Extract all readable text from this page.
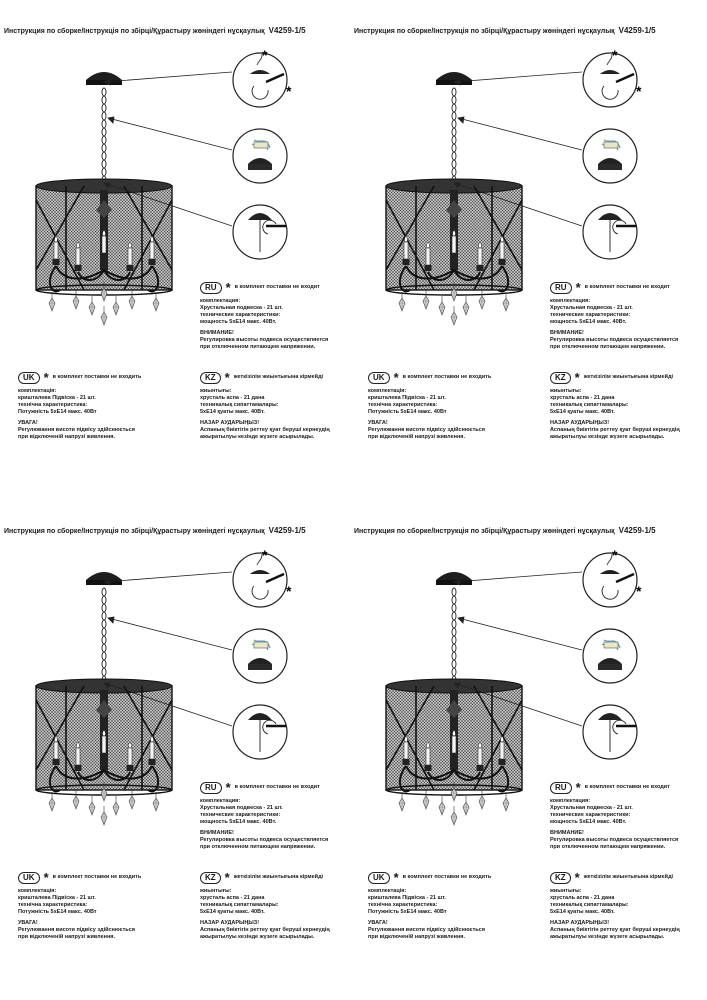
Инструкция по сборке/Інструкція по збірці/Құрастыру жөніндегі нұсқаулық V4259-1/5
*
*
RU * в комплект поставки не входит

комплектация:

Хрустальная подвеска - 21 шт.

технические характеристики:

мощность 5xE14 макс. 40Вт.

ВНИМАНИЕ!

Регулировка высоты подвеса осуществляется

при отключенном питающем напряжении.

UK * в комплект поставки не входить

комплектація:

кришталева Підвіска - 21 шт.

технічна характеристика:

Потужність 5xE14 макс. 40Вт

УВАГА!

Регулювання висоти підвісу здійснюється

при відключеній напрузі живлення.

KZ * жеткізілім жиынтығына кірмейді

жиынтығы:

хрусталь аспа - 21 дана

техникалық сипаттамалары:

5xE14 қуаты макс. 40Вт.

НАЗАР АУДАРЫҢЫЗ!

Аспаның биіктігін реттеу қуат беруші кернеудің

ажыратылуы кезінде жүзеге асырылады.

Инструкция по сборке/Інструкція по збірці/Құрастыру жөніндегі нұсқаулық V4259-1/5
*
*
RU * в комплект поставки не входит

комплектация:

Хрустальная подвеска - 21 шт.

технические характеристики:

мощность 5xE14 макс. 40Вт.

ВНИМАНИЕ!

Регулировка высоты подвеса осуществляется

при отключенном питающем напряжении.

UK * в комплект поставки не входить

комплектація:

кришталева Підвіска - 21 шт.

технічна характеристика:

Потужність 5xE14 макс. 40Вт

УВАГА!

Регулювання висоти підвісу здійснюється

при відключеній напрузі живлення.

KZ * жеткізілім жиынтығына кірмейді

жиынтығы:

хрусталь аспа - 21 дана

техникалық сипаттамалары:

5xE14 қуаты макс. 40Вт.

НАЗАР АУДАРЫҢЫЗ!

Аспаның биіктігін реттеу қуат беруші кернеудің

ажыратылуы кезінде жүзеге асырылады.

Инструкция по сборке/Інструкція по збірці/Құрастыру жөніндегі нұсқаулық V4259-1/5
*
*
RU * в комплект поставки не входит

комплектация:

Хрустальная подвеска - 21 шт.

технические характеристики:

мощность 5xE14 макс. 40Вт.

ВНИМАНИЕ!

Регулировка высоты подвеса осуществляется

при отключенном питающем напряжении.

UK * в комплект поставки не входить

комплектація:

кришталева Підвіска - 21 шт.

технічна характеристика:

Потужність 5xE14 макс. 40Вт

УВАГА!

Регулювання висоти підвісу здійснюється

при відключеній напрузі живлення.

KZ * жеткізілім жиынтығына кірмейді

жиынтығы:

хрусталь аспа - 21 дана

техникалық сипаттамалары:

5xE14 қуаты макс. 40Вт.

НАЗАР АУДАРЫҢЫЗ!

Аспаның биіктігін реттеу қуат беруші кернеудің

ажыратылуы кезінде жүзеге асырылады.

Инструкция по сборке/Інструкція по збірці/Құрастыру жөніндегі нұсқаулық V4259-1/5
*
*
RU * в комплект поставки не входит

комплектация:

Хрустальная подвеска - 21 шт.

технические характеристики:

мощность 5xE14 макс. 40Вт.

ВНИМАНИЕ!

Регулировка высоты подвеса осуществляется

при отключенном питающем напряжении.

UK * в комплект поставки не входить

комплектація:

кришталева Підвіска - 21 шт.

технічна характеристика:

Потужність 5xE14 макс. 40Вт

УВАГА!

Регулювання висоти підвісу здійснюється

при відключеній напрузі живлення.

KZ * жеткізілім жиынтығына кірмейді

жиынтығы:

хрусталь аспа - 21 дана

техникалық сипаттамалары:

5xE14 қуаты макс. 40Вт.

НАЗАР АУДАРЫҢЫЗ!

Аспаның биіктігін реттеу қуат беруші кернеудің

ажыратылуы кезінде жүзеге асырылады.
